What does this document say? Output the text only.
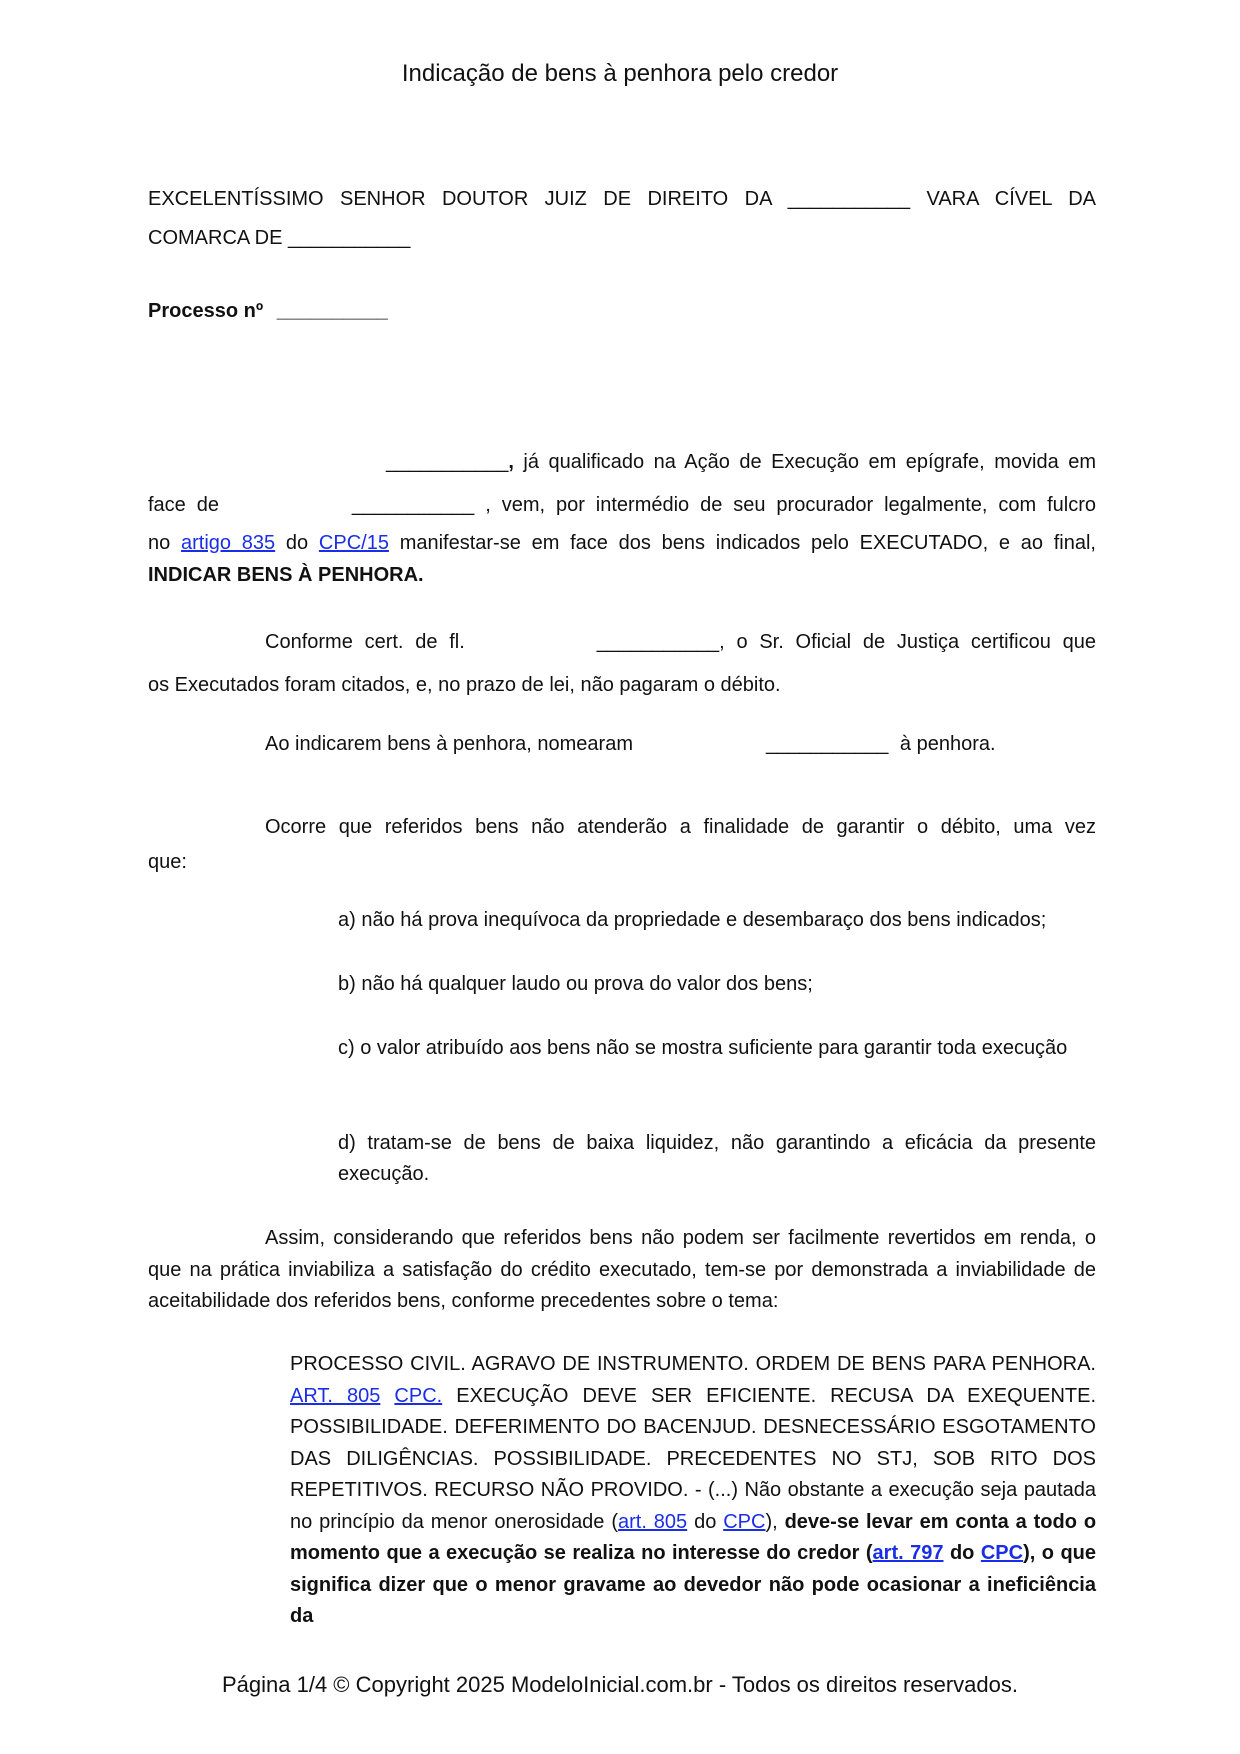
Indicação de bens à penhora pelo credor

EXCELENTÍSSIMO SENHOR DOUTOR JUIZ DE DIREITO DA ___________ VARA CÍVEL DA

COMARCA DE ___________

Processo nº __________

___________, já qualificado na Ação de Execução em epígrafe, movida em

face de	___________ , vem, por intermédio de seu procurador legalmente, com fulcro

no artigo 835 do CPC/15 manifestar-se em face dos bens indicados pelo EXECUTADO, e ao final,

INDICAR BENS À PENHORA.

Conforme cert. de fl.	___________, o Sr. Oficial de Justiça certificou que

os Executados foram citados, e, no prazo de lei, não pagaram o débito.

Ao indicarem bens à penhora, nomearam	___________ à penhora.

Ocorre que referidos bens não atenderão a finalidade de garantir o débito, uma vez

que:

a) não há prova inequívoca da propriedade e desembaraço dos bens indicados;
b) não há qualquer laudo ou prova do valor dos bens;
c) o valor atribuído aos bens não se mostra suficiente para garantir toda execução
d) tratam-se de bens de baixa liquidez, não garantindo a eficácia da presente execução.
Assim, considerando que referidos bens não podem ser facilmente revertidos em renda, o que na prática inviabiliza a satisfação do crédito executado, tem-se por demonstrada a inviabilidade de aceitabilidade dos referidos bens, conforme precedentes sobre o tema:
PROCESSO CIVIL. AGRAVO DE INSTRUMENTO. ORDEM DE BENS PARA PENHORA. ART. 805 CPC. EXECUÇÃO DEVE SER EFICIENTE. RECUSA DA EXEQUENTE. POSSIBILIDADE. DEFERIMENTO DO BACENJUD. DESNECESSÁRIO ESGOTAMENTO DAS DILIGÊNCIAS. POSSIBILIDADE. PRECEDENTES NO STJ, SOB RITO DOS REPETITIVOS. RECURSO NÃO PROVIDO. - (...) Não obstante a execução seja pautada no princípio da menor onerosidade (art. 805 do CPC), deve-se levar em conta a todo o momento que a execução se realiza no interesse do credor (art. 797 do CPC), o que significa dizer que o menor gravame ao devedor não pode ocasionar a ineficiência da
Página 1/4 © Copyright 2025 ModeloInicial.com.br - Todos os direitos reservados.
